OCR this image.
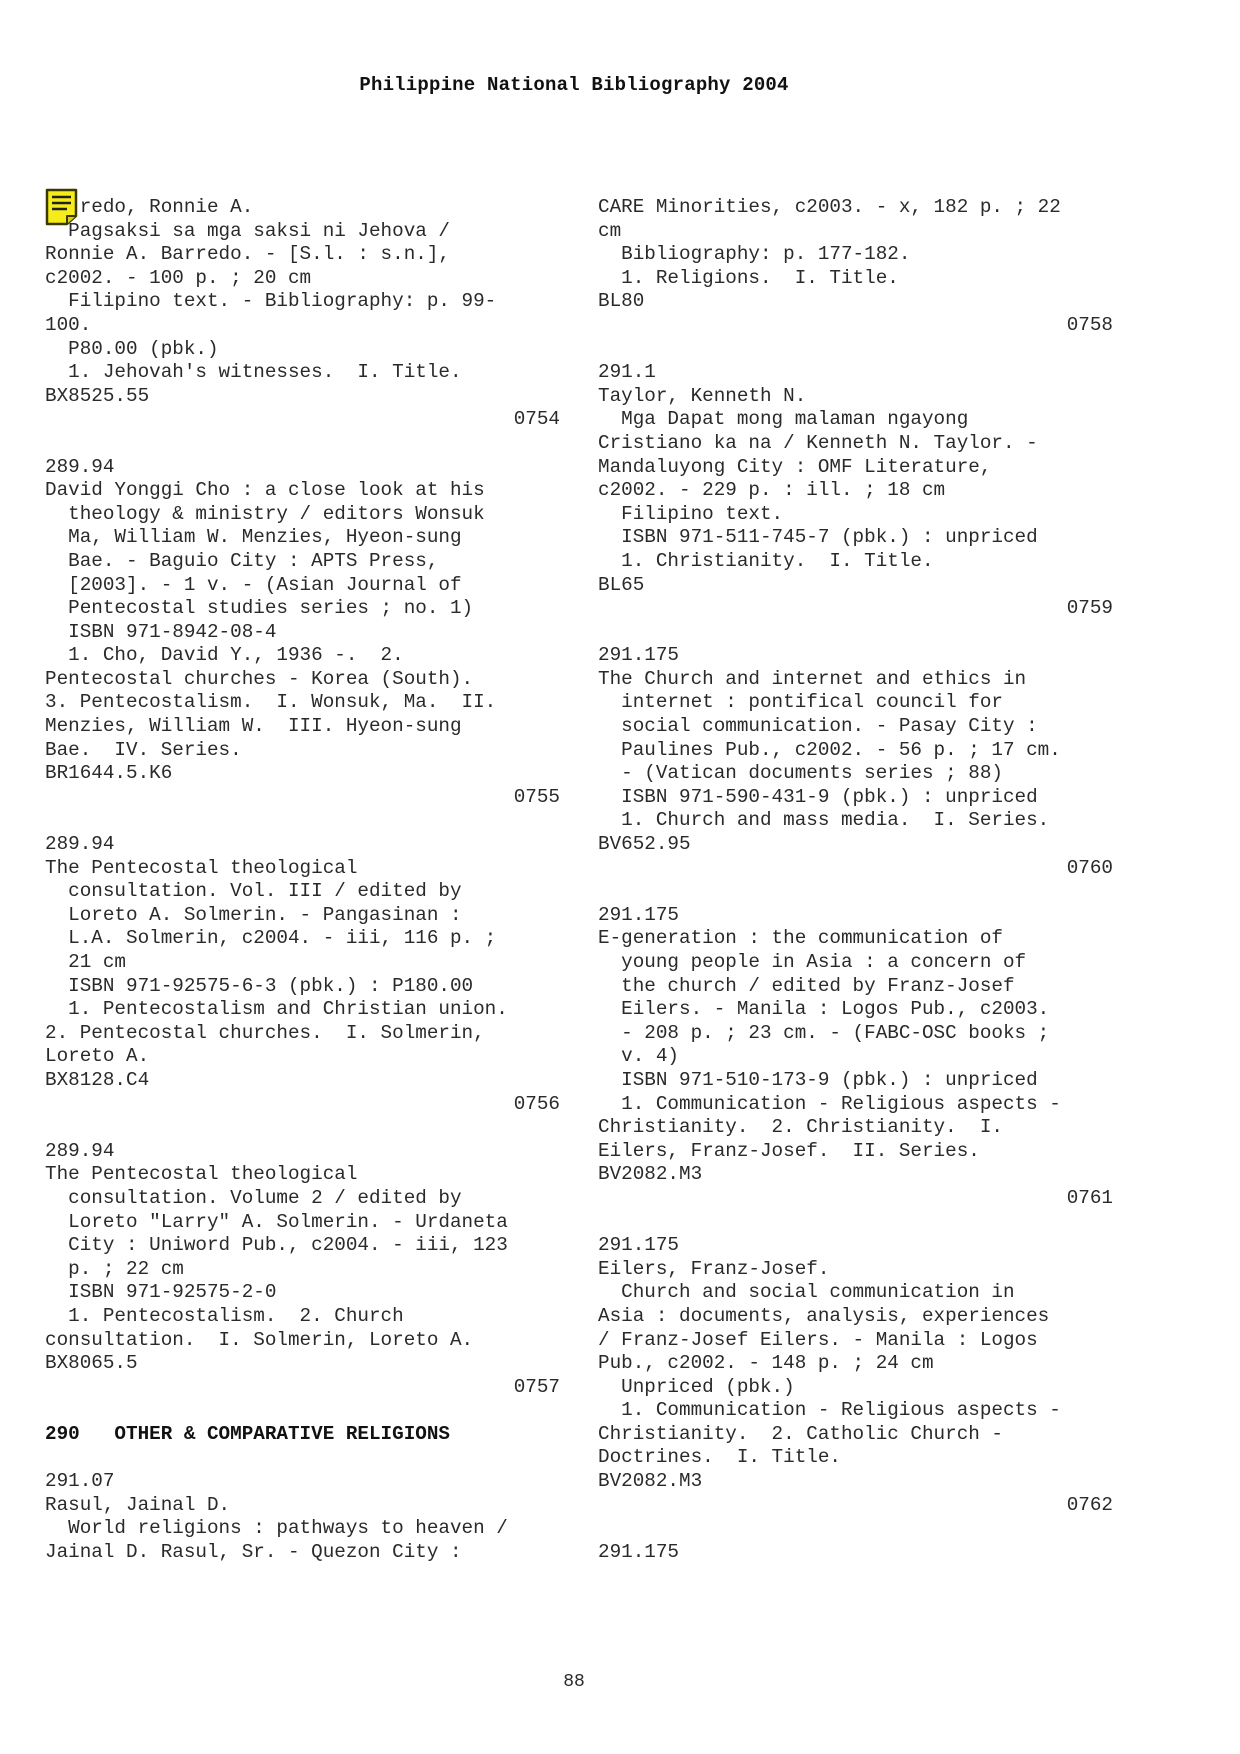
Philippine National Bibliography 2004
redo, Ronnie A.
Pagsaksi sa mga saksi ni Jehova /
Ronnie A. Barredo. - [S.l. : s.n.],
c2002. - 100 p. ; 20 cm
Filipino text. - Bibliography: p. 99-
100.
P80.00 (pbk.)
1. Jehovah's witnesses.  I. Title.
BX8525.55
0754
289.94
David Yonggi Cho : a close look at his
theology & ministry / editors Wonsuk
Ma, William W. Menzies, Hyeon-sung
Bae. - Baguio City : APTS Press,
[2003]. - 1 v. - (Asian Journal of
Pentecostal studies series ; no. 1)
ISBN 971-8942-08-4
1. Cho, David Y., 1936 -.  2.
Pentecostal churches - Korea (South).
3. Pentecostalism.  I. Wonsuk, Ma.  II.
Menzies, William W.  III. Hyeon-sung
Bae.  IV. Series.
BR1644.5.K6
0755
289.94
The Pentecostal theological
consultation. Vol. III / edited by
Loreto A. Solmerin. - Pangasinan :
L.A. Solmerin, c2004. - iii, 116 p. ;
21 cm
ISBN 971-92575-6-3 (pbk.) : P180.00
1. Pentecostalism and Christian union.
2. Pentecostal churches.  I. Solmerin,
Loreto A.
BX8128.C4
0756
289.94
The Pentecostal theological
consultation. Volume 2 / edited by
Loreto "Larry" A. Solmerin. - Urdaneta
City : Uniword Pub., c2004. - iii, 123
p. ; 22 cm
ISBN 971-92575-2-0
1. Pentecostalism.  2. Church
consultation.  I. Solmerin, Loreto A.
BX8065.5
0757
290   OTHER & COMPARATIVE RELIGIONS
291.07
Rasul, Jainal D.
World religions : pathways to heaven /
Jainal D. Rasul, Sr. - Quezon City :
CARE Minorities, c2003. - x, 182 p. ; 22
cm
Bibliography: p. 177-182.
1. Religions.  I. Title.
BL80
0758
291.1
Taylor, Kenneth N.
Mga Dapat mong malaman ngayong
Cristiano ka na / Kenneth N. Taylor. -
Mandaluyong City : OMF Literature,
c2002. - 229 p. : ill. ; 18 cm
Filipino text.
ISBN 971-511-745-7 (pbk.) : unpriced
1. Christianity.  I. Title.
BL65
0759
291.175
The Church and internet and ethics in
internet : pontifical council for
social communication. - Pasay City :
Paulines Pub., c2002. - 56 p. ; 17 cm.
- (Vatican documents series ; 88)
ISBN 971-590-431-9 (pbk.) : unpriced
1. Church and mass media.  I. Series.
BV652.95
0760
291.175
E-generation : the communication of
young people in Asia : a concern of
the church / edited by Franz-Josef
Eilers. - Manila : Logos Pub., c2003.
- 208 p. ; 23 cm. - (FABC-OSC books ;
v. 4)
ISBN 971-510-173-9 (pbk.) : unpriced
1. Communication - Religious aspects -
Christianity.  2. Christianity.  I.
Eilers, Franz-Josef.  II. Series.
BV2082.M3
0761
291.175
Eilers, Franz-Josef.
Church and social communication in
Asia : documents, analysis, experiences
/ Franz-Josef Eilers. - Manila : Logos
Pub., c2002. - 148 p. ; 24 cm
Unpriced (pbk.)
1. Communication - Religious aspects -
Christianity.  2. Catholic Church -
Doctrines.  I. Title.
BV2082.M3
0762
291.175
88
